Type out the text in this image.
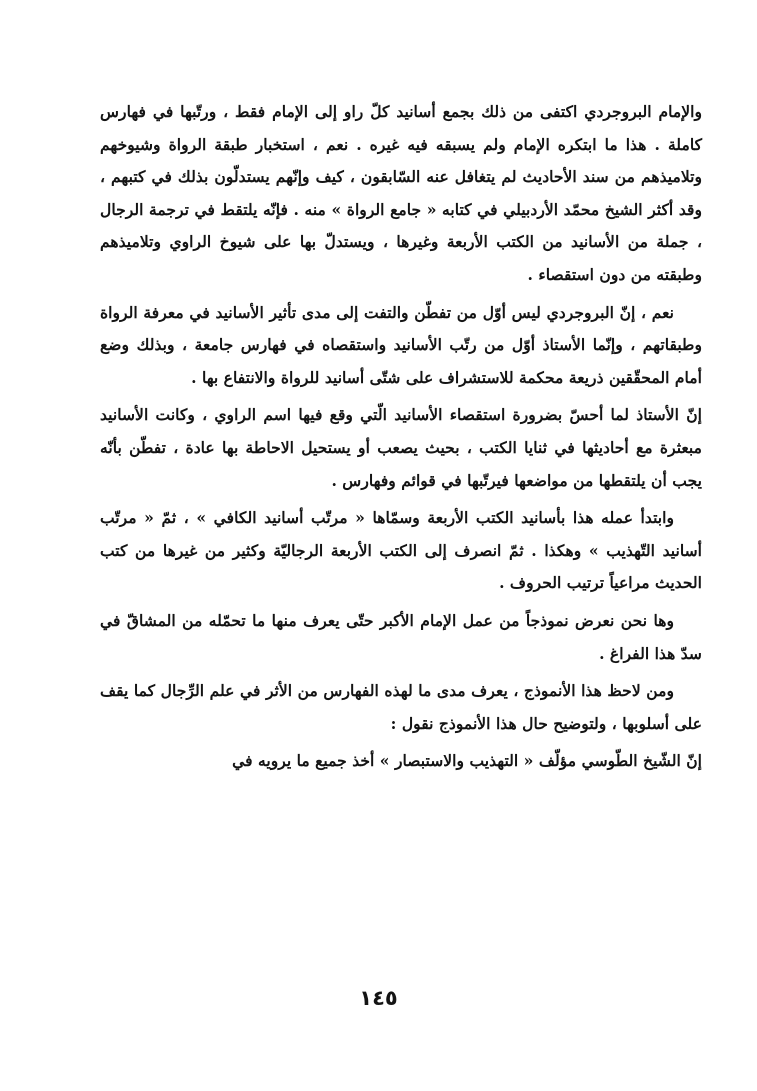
والإمام البروجردي اكتفى من ذلك بجمع أسانيد كلّ راو إلى الإمام فقط ، ورتّبها في فهارس كاملة . هذا ما ابتكره الإمام ولم يسبقه فيه غيره . نعم ، استخبار طبقة الرواة وشيوخهم وتلاميذهم من سند الأحاديث لم يتغافل عنه السّابقون ، كيف وإنّهم يستدلّون بذلك في كتبهم ، وقد أكثر الشيخ محمّد الأردبيلي في كتابه « جامع الرواة » منه . فإنّه يلتقط في ترجمة الرجال ، جملة من الأسانيد من الكتب الأربعة وغيرها ، ويستدلّ بها على شيوخ الراوي وتلاميذهم وطبقته من دون استقصاء .

نعم ، إنّ البروجردي ليس أوّل من تفطّن والتفت إلى مدى تأثير الأسانيد في معرفة الرواة وطبقاتهم ، وإنّما الأستاذ أوّل من رتّب الأسانيد واستقصاه في فهارس جامعة ، وبذلك وضع أمام المحقّقين ذريعة محكمة للاستشراف على شتّى أسانيد للرواة والانتفاع بها .

إنّ الأستاذ لما أحسّ بضرورة استقصاء الأسانيد الّتي وقع فيها اسم الراوي ، وكانت الأسانيد مبعثرة مع أحاديثها في ثنايا الكتب ، بحيث يصعب أو يستحيل الاحاطة بها عادة ، تفطّن بأنّه يجب أن يلتقطها من مواضعها فيرتّبها في قوائم وفهارس .

وابتدأ عمله هذا بأسانيد الكتب الأربعة وسمّاها « مرتّب أسانيد الكافي » ، ثمّ « مرتّب أسانيد التّهذيب » وهكذا . ثمّ انصرف إلى الكتب الأربعة الرجاليّة وكثير من غيرها من كتب الحديث مراعياً ترتيب الحروف .

وها نحن نعرض نموذجاً من عمل الإمام الأكبر حتّى يعرف منها ما تحمّله من المشاقّ في سدّ هذا الفراغ .

ومن لاحظ هذا الأنموذج ، يعرف مدى ما لهذه الفهارس من الأثر في علم الرِّجال كما يقف على أسلوبها ، ولتوضيح حال هذا الأنموذج نقول :

إنّ الشّيخ الطّوسي مؤلّف « التهذيب والاستبصار » أخذ جميع ما يرويه في

١٤٥
